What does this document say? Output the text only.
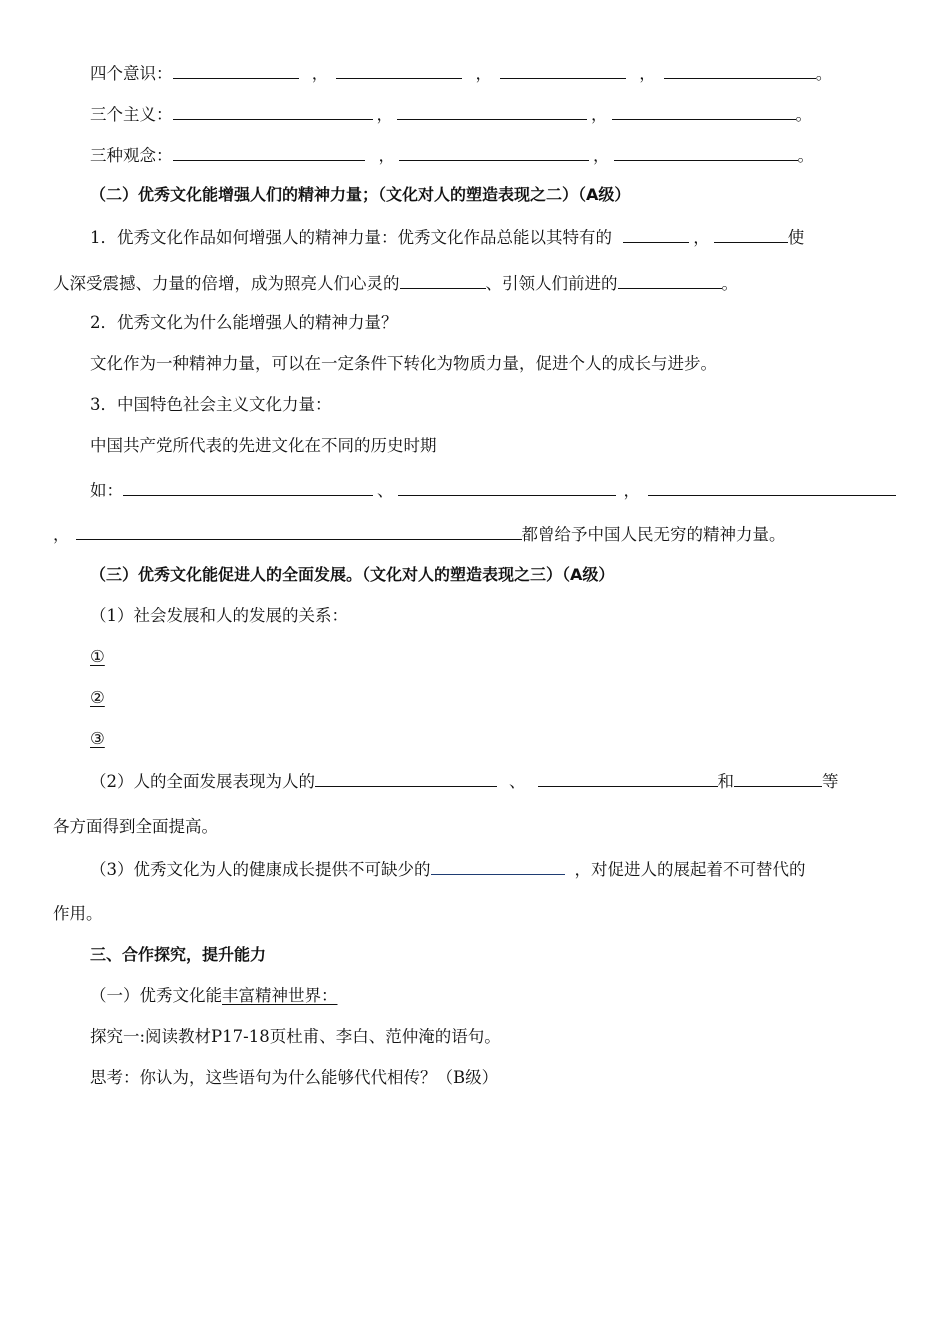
四个意识：	，	，	，	。
三个主义：	，	，	。
三种观念：	，	，	。
（二）优秀文化能增强人们的精神力量；（文化对人的塑造表现之二）（A级）
1．优秀文化作品如何增强人的精神力量：优秀文化作品总能以其特有的	，	使
人深受震撼、力量的倍增，成为照亮人们心灵的	、引领人们前进的	。
2．优秀文化为什么能增强人的精神力量？
文化作为一种精神力量，可以在一定条件下转化为物质力量，促进个人的成长与进步。
3．中国特色社会主义文化力量：
中国共产党所代表的先进文化在不同的历史时期
如：	、	，
，	都曾给予中国人民无穷的精神力量。
（三）优秀文化能促进人的全面发展。（文化对人的塑造表现之三）（A级）
（1）社会发展和人的发展的关系：
①
②
③
（2）人的全面发展表现为人的	、	和	等
各方面得到全面提高。
（3）优秀文化为人的健康成长提供不可缺少的	，对促进人的展起着不可替代的
作用。
三、合作探究，提升能力
（一）优秀文化能丰富精神世界：
探究一:阅读教材P17-18页杜甫、李白、范仲淹的语句。
思考：你认为，这些语句为什么能够代代相传？（B级）
